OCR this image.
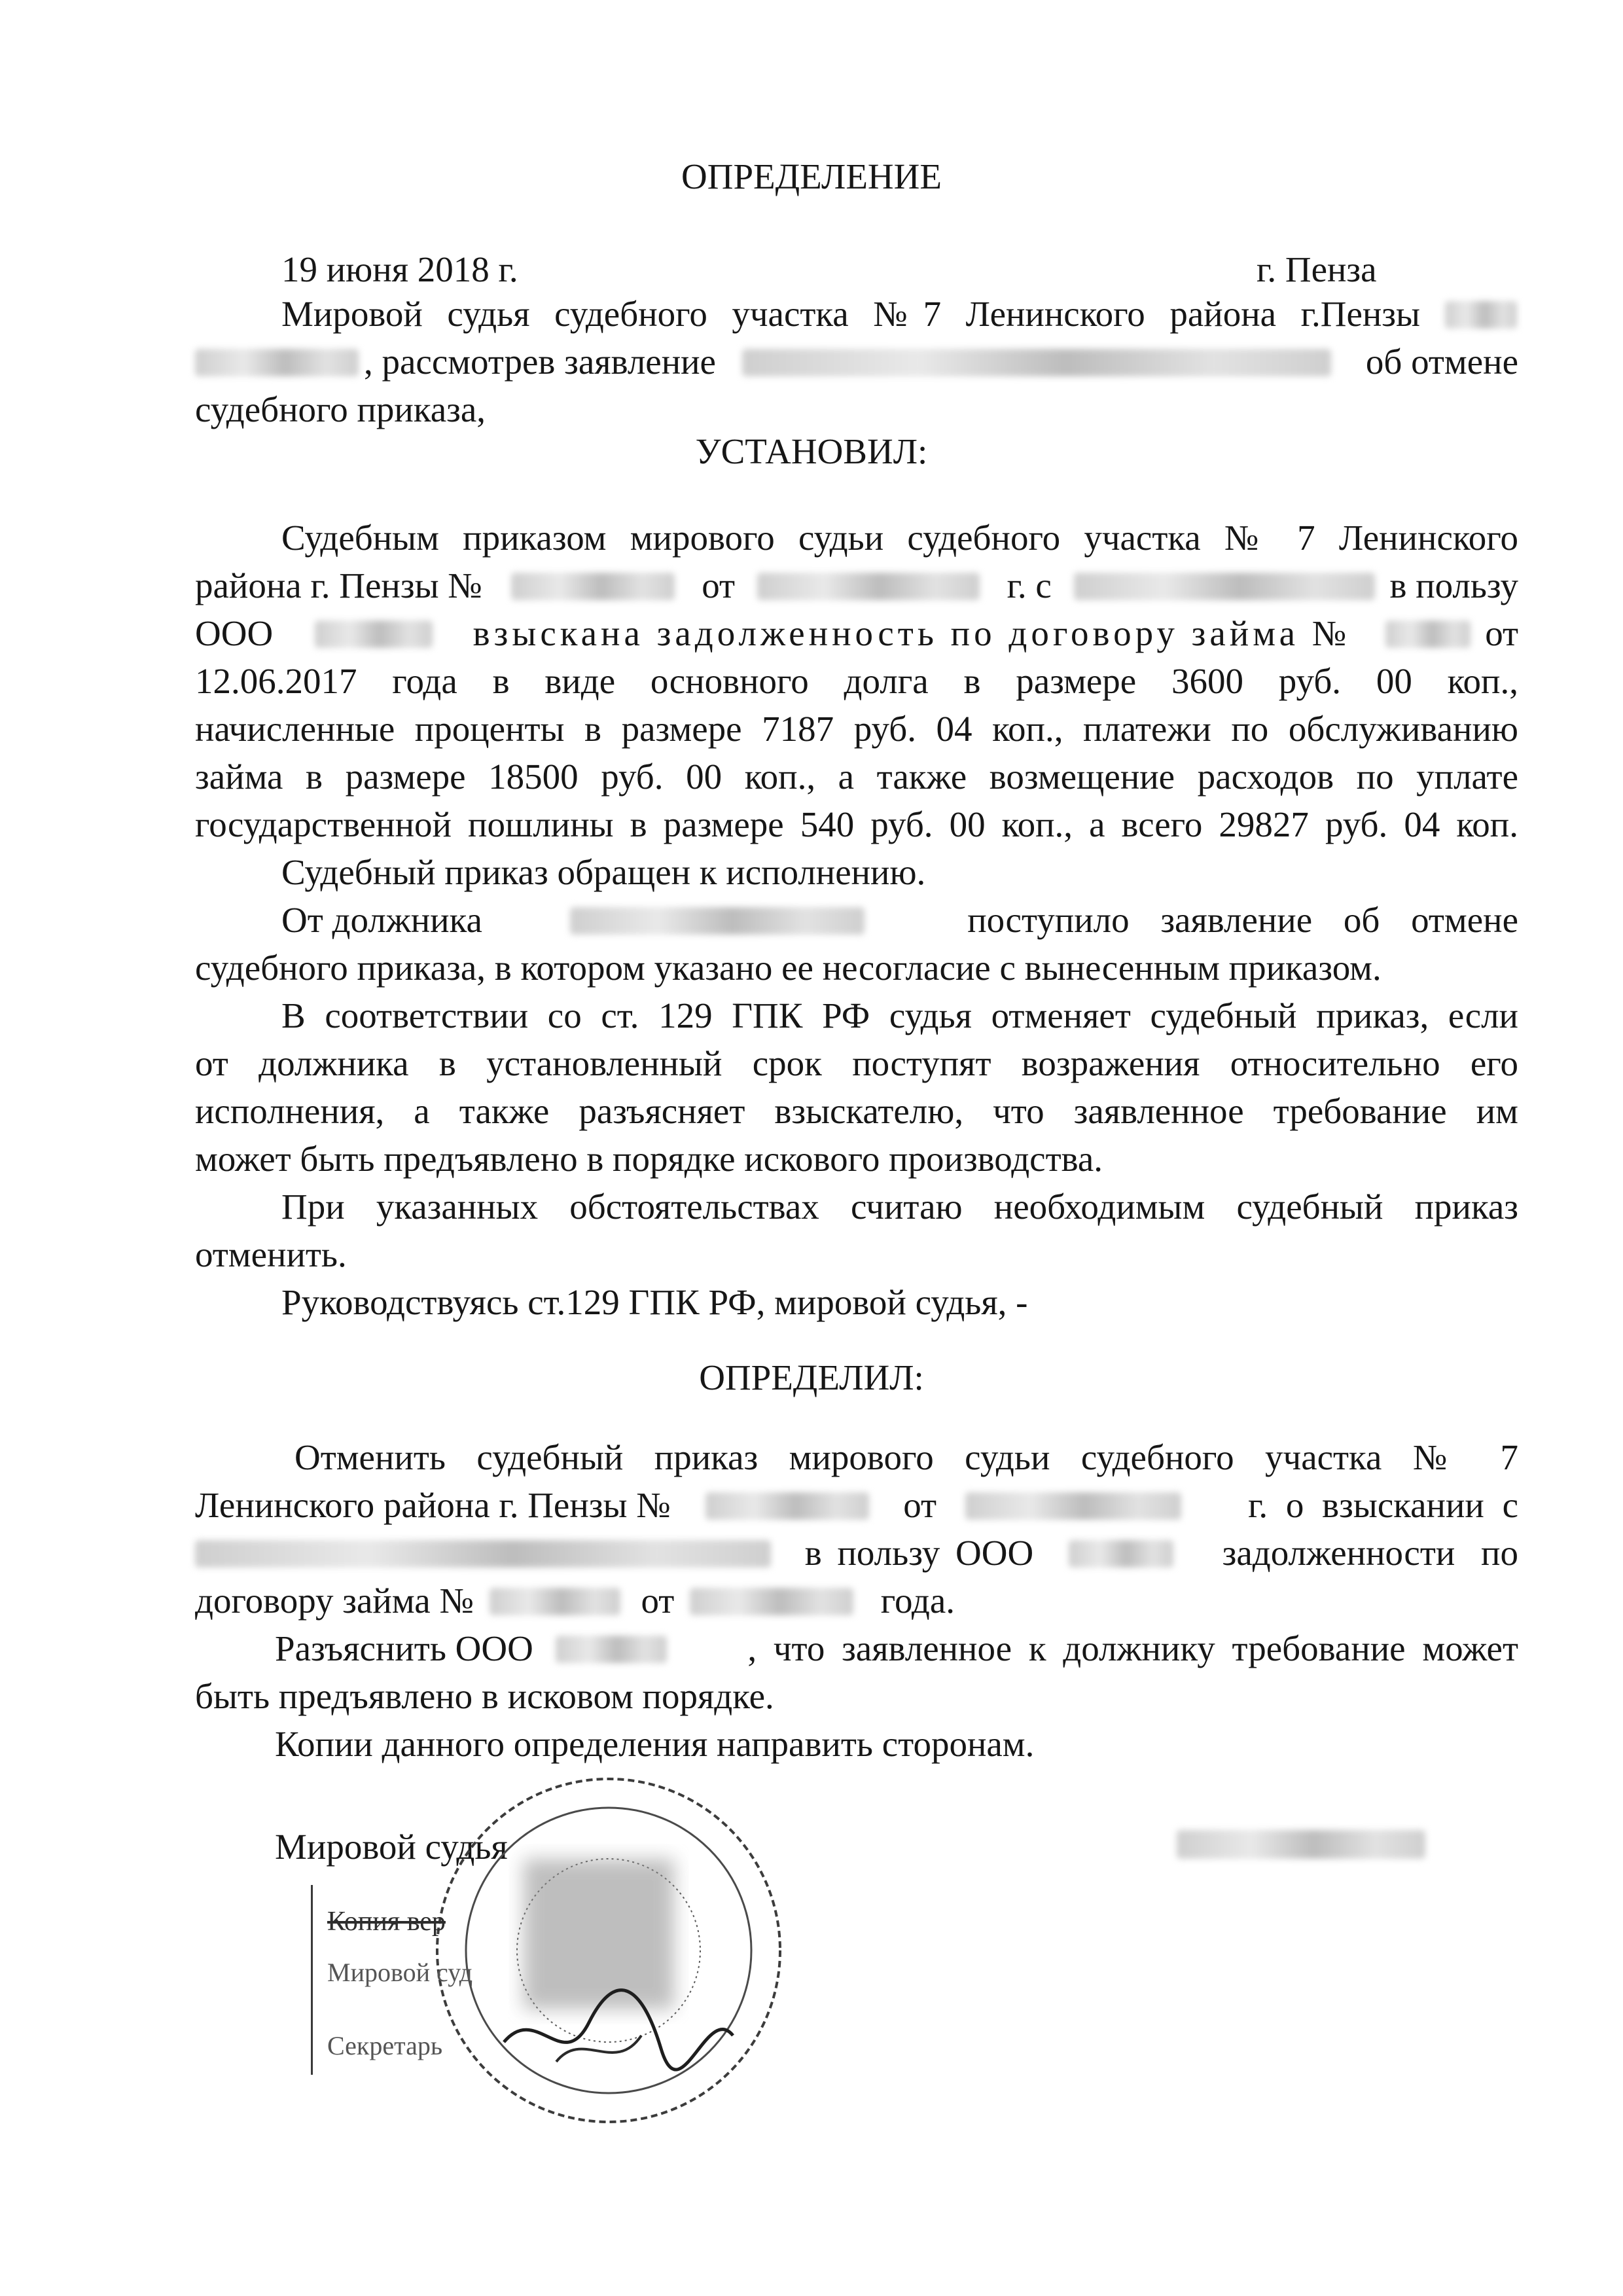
ОПРЕДЕЛЕНИЕ
19 июня 2018 г.	г. Пенза
Мировой судья судебного участка №7 Ленинского района г.Пензы
, рассмотрев заявление	об отмене
судебного приказа,
УСТАНОВИЛ:
Судебным приказом мирового судьи судебного участка № 7 Ленинского
района г. Пензы №	от	г. с	в пользу
ООО	взыскана задолженность по договору займа №	от
12.06.2017 года в виде основного долга в размере 3600 руб. 00 коп.,
начисленные проценты в размере 7187 руб. 04 коп., платежи по обслуживанию
займа в размере 18500 руб. 00 коп., а также возмещение расходов по уплате
государственной пошлины в размере 540 руб. 00 коп., а всего 29827 руб. 04 коп.
Судебный приказ обращен к исполнению.
От должника	поступило заявление об отмене
судебного приказа, в котором указано ее несогласие с вынесенным приказом.
В соответствии со ст. 129 ГПК РФ судья отменяет судебный приказ, если
от должника в установленный срок поступят возражения относительно его
исполнения, а также разъясняет взыскателю, что заявленное требование им
может быть предъявлено в порядке искового производства.
При указанных обстоятельствах считаю необходимым судебный приказ
отменить.
Руководствуясь ст.129 ГПК РФ, мировой судья, -
ОПРЕДЕЛИЛ:
Отменить судебный приказ мирового судьи судебного участка № 7
Ленинского района г. Пензы №	от	г. о взыскании с
в пользу ООО	задолженности по
договору займа №	от	года.
Разъяснить ООО	, что заявленное к должнику требование может
быть предъявлено в исковом порядке.
Копии данного определения направить сторонам.
Мировой судья
Копия вер
Мировой суд
Секретарь
